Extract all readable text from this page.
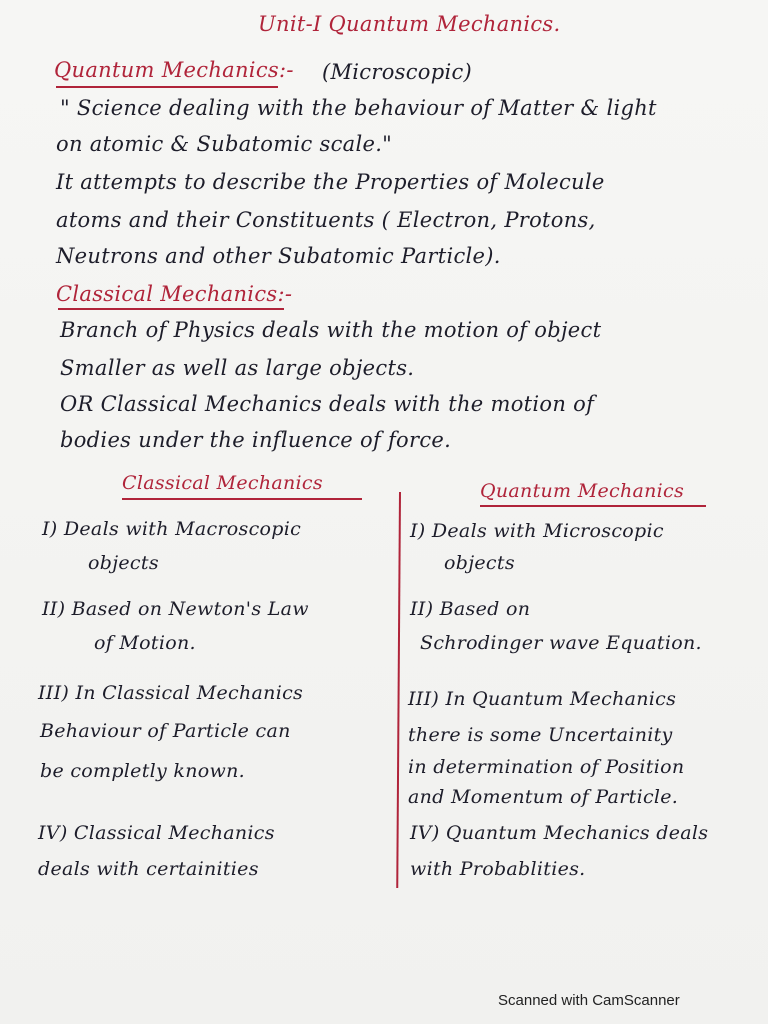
Unit-I Quantum Mechanics.
Quantum Mechanics:- (Microscopic)
" Science dealing with the behaviour of Matter & light
on atomic & Subatomic scale."
It attempts to describe the Properties of Molecule
atoms and their Constituents ( Electron, Protons,
Neutrons and other Subatomic Particle).
Classical Mechanics:-
Branch of Physics deals with the motion of object
Smaller as well as large objects.
OR Classical Mechanics deals with the motion of
bodies under the influence of force.
Classical Mechanics	Quantum Mechanics
I) Deals with Macroscopic
objects
II) Based on Newton's Law
of Motion.
III) In Classical Mechanics
Behaviour of Particle can
be completly known.
IV) Classical Mechanics
deals with certainities
I) Deals with Microscopic
objects
II) Based on
Schrodinger wave Equation.
III) In Quantum Mechanics
there is some Uncertainity
in determination of Position
and Momentum of Particle.
IV) Quantum Mechanics deals
with Probablities.
Scanned with CamScanner
